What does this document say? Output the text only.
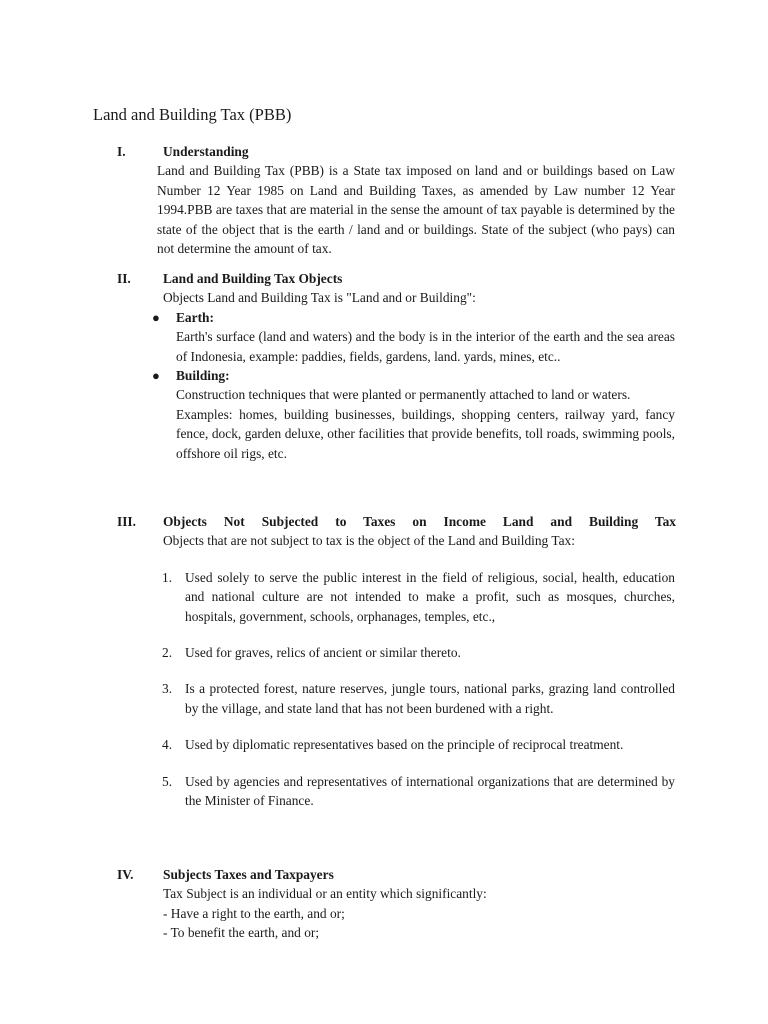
Land and Building Tax (PBB)
I.	Understanding
Land and Building Tax (PBB) is a State tax imposed on land and or buildings based on Law Number 12 Year 1985 on Land and Building Taxes, as amended by Law number 12 Year 1994.PBB are taxes that are material in the sense the amount of tax payable is determined by the state of the object that is the earth / land and or buildings. State of the subject (who pays) can not determine the amount of tax.
II. Land and Building Tax Objects
Objects Land and Building Tax is "Land and or Building":
● Earth:
Earth's surface (land and waters) and the body is in the interior of the earth and the sea areas of Indonesia, example: paddies, fields, gardens, land. yards, mines, etc..
● Building:
Construction techniques that were planted or permanently attached to land or waters.
Examples: homes, building businesses, buildings, shopping centers, railway yard, fancy fence, dock, garden deluxe, other facilities that provide benefits, toll roads, swimming pools, offshore oil rigs, etc.
III. Objects Not Subjected to Taxes on Income Land and Building Tax
Objects that are not subject to tax is the object of the Land and Building Tax:
1. Used solely to serve the public interest in the field of religious, social, health, education and national culture are not intended to make a profit, such as mosques, churches, hospitals, government, schools, orphanages, temples, etc.,
2. Used for graves, relics of ancient or similar thereto.
3. Is a protected forest, nature reserves, jungle tours, national parks, grazing land controlled by the village, and state land that has not been burdened with a right.
4. Used by diplomatic representatives based on the principle of reciprocal treatment.
5. Used by agencies and representatives of international organizations that are determined by the Minister of Finance.
IV. Subjects Taxes and Taxpayers
Tax Subject is an individual or an entity which significantly:
- Have a right to the earth, and or;
- To benefit the earth, and or;
